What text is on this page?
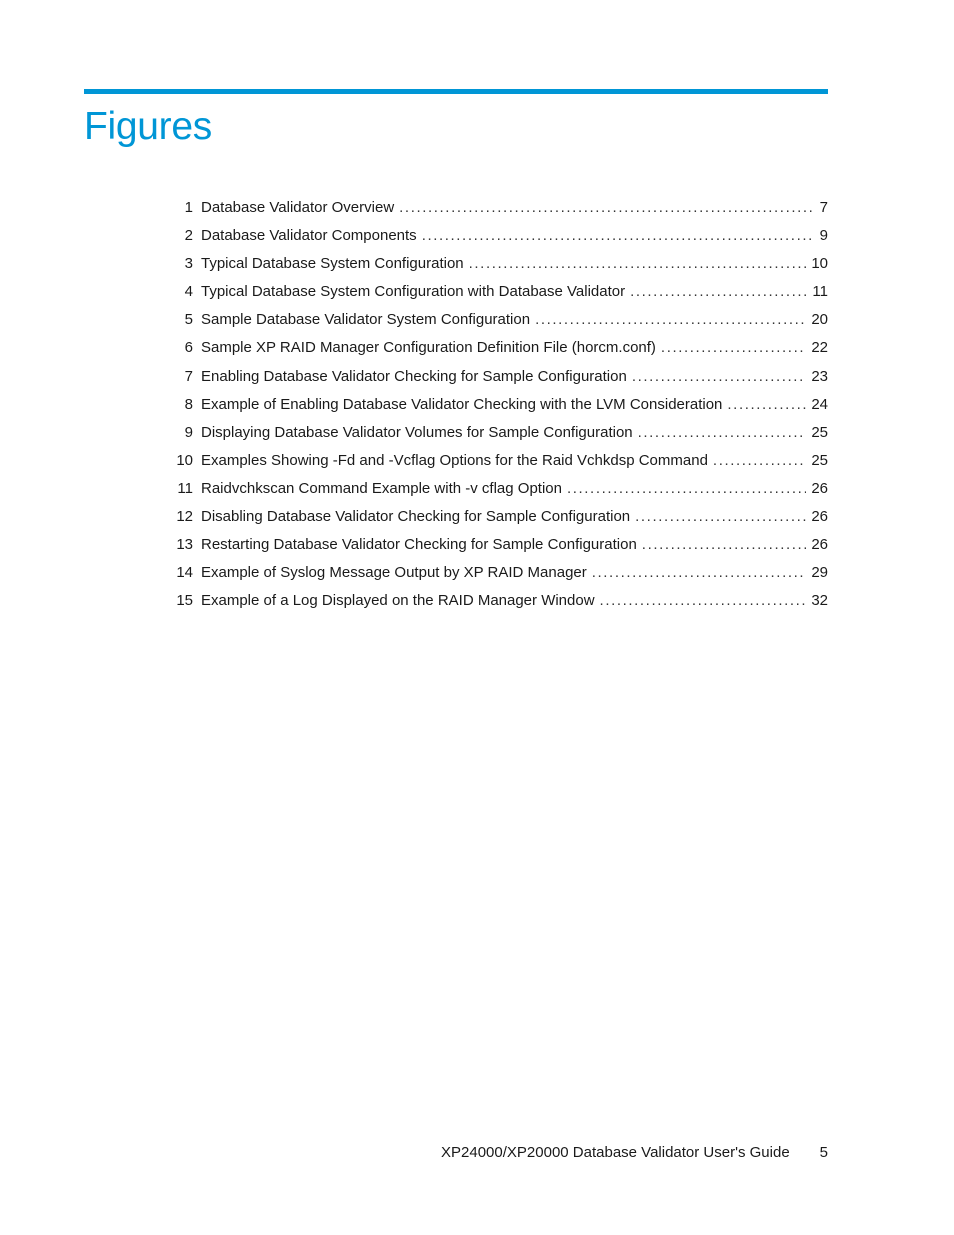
Figures
1 Database Validator Overview .....	7
2 Database Validator Components .....	9
3 Typical Database System Configuration .....	10
4 Typical Database System Configuration with Database Validator .....	11
5 Sample Database Validator System Configuration .....	20
6 Sample XP RAID Manager Configuration Definition File (horcm.conf) .....	22
7 Enabling Database Validator Checking for Sample Configuration .....	23
8 Example of Enabling Database Validator Checking with the LVM Consideration .....	24
9 Displaying Database Validator Volumes for Sample Configuration .....	25
10 Examples Showing -Fd and -Vcflag Options for the Raid Vchkdsp Command .....	25
11 Raidvchkscan Command Example with -v cflag Option .....	26
12 Disabling Database Validator Checking for Sample Configuration .....	26
13 Restarting Database Validator Checking for Sample Configuration .....	26
14 Example of Syslog Message Output by XP RAID Manager .....	29
15 Example of a Log Displayed on the RAID Manager Window .....	32
XP24000/XP20000 Database Validator User's Guide 5
